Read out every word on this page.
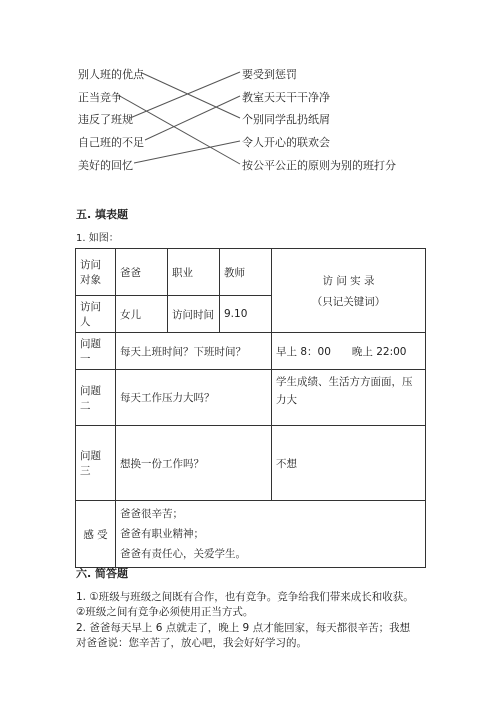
别人班的优点
正当竞争
违反了班规
自己班的不足
美好的回忆
要受到惩罚
教室天天干干净净
个别同学乱扔纸屑
令人开心的联欢会
按公平公正的原则为别的班打分
五. 填表题
1. 如图：
访问对象	爸爸	职业	教师	访 问 实 录
（只记关键词）

访问人	女儿	访问时间	9.10	
问题一	每天上班时间？下班时间？			早上 8：00　　晚上 22:00
问题二	每天工作压力大吗？			学生成绩、生活方方面面，压力大
问题三	想换一份工作吗？			不想
感 受	爸爸很辛苦；
爸爸有职业精神；
爸爸有责任心，关爱学生。			
六. 简答题
1. ①班级与班级之间既有合作，也有竞争。竞争给我们带来成长和收获。②班级之间有竞争必须使用正当方式。
2. 爸爸每天早上 6 点就走了，晚上 9 点才能回家，每天都很辛苦；我想对爸爸说：您辛苦了，放心吧，我会好好学习的。
